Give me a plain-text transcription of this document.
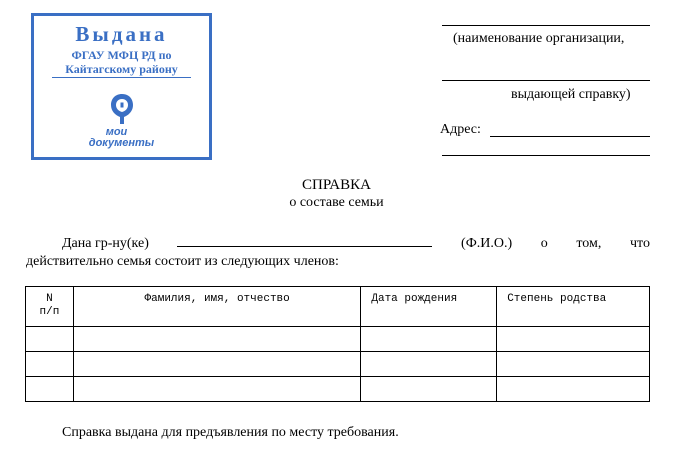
Выдана
ФГАУ МФЦ РД по
Кайтагскому району
мои
документы
(наименование организации,
выдающей справку)
Адрес:
СПРАВКА
о составе семьи
Дана гр-ну(ке)	(Ф.И.О.) о том, что
действительно семья состоит из следующих членов:
N
п/п	Фамилия, имя, отчество	Дата рождения	Степень родства

Справка выдана для предъявления по месту требования.
